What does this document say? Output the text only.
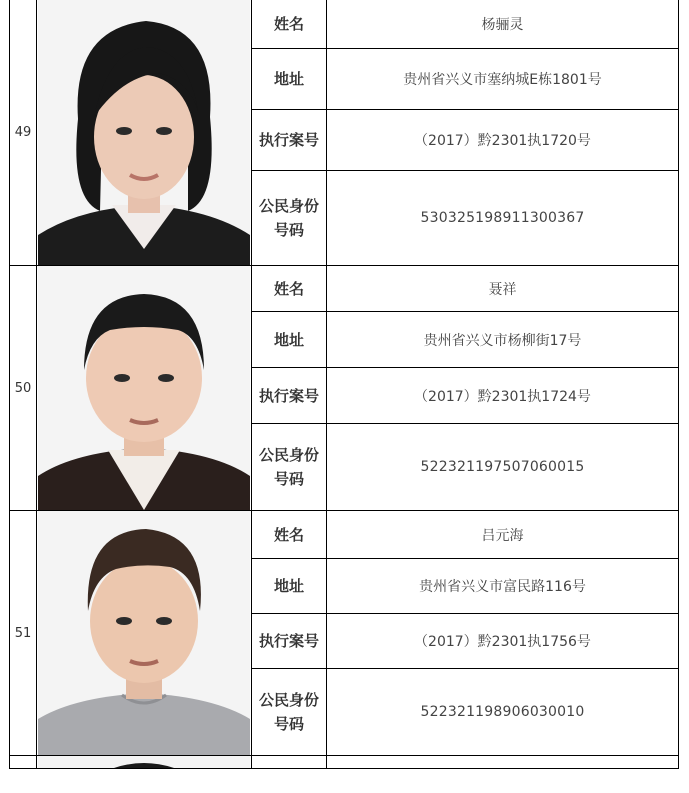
49		姓名	杨骊灵
		地址	贵州省兴义市塞纳城E栋1801号
		执行案号	（2017）黔2301执1720号
		公民身份
号码	530325198911300367
50		姓名	聂祥
		地址	贵州省兴义市杨柳街17号
		执行案号	（2017）黔2301执1724号
		公民身份
号码	522321197507060015
51		姓名	吕元海
		地址	贵州省兴义市富民路116号
		执行案号	（2017）黔2301执1756号
		公民身份
号码	522321198906030010
